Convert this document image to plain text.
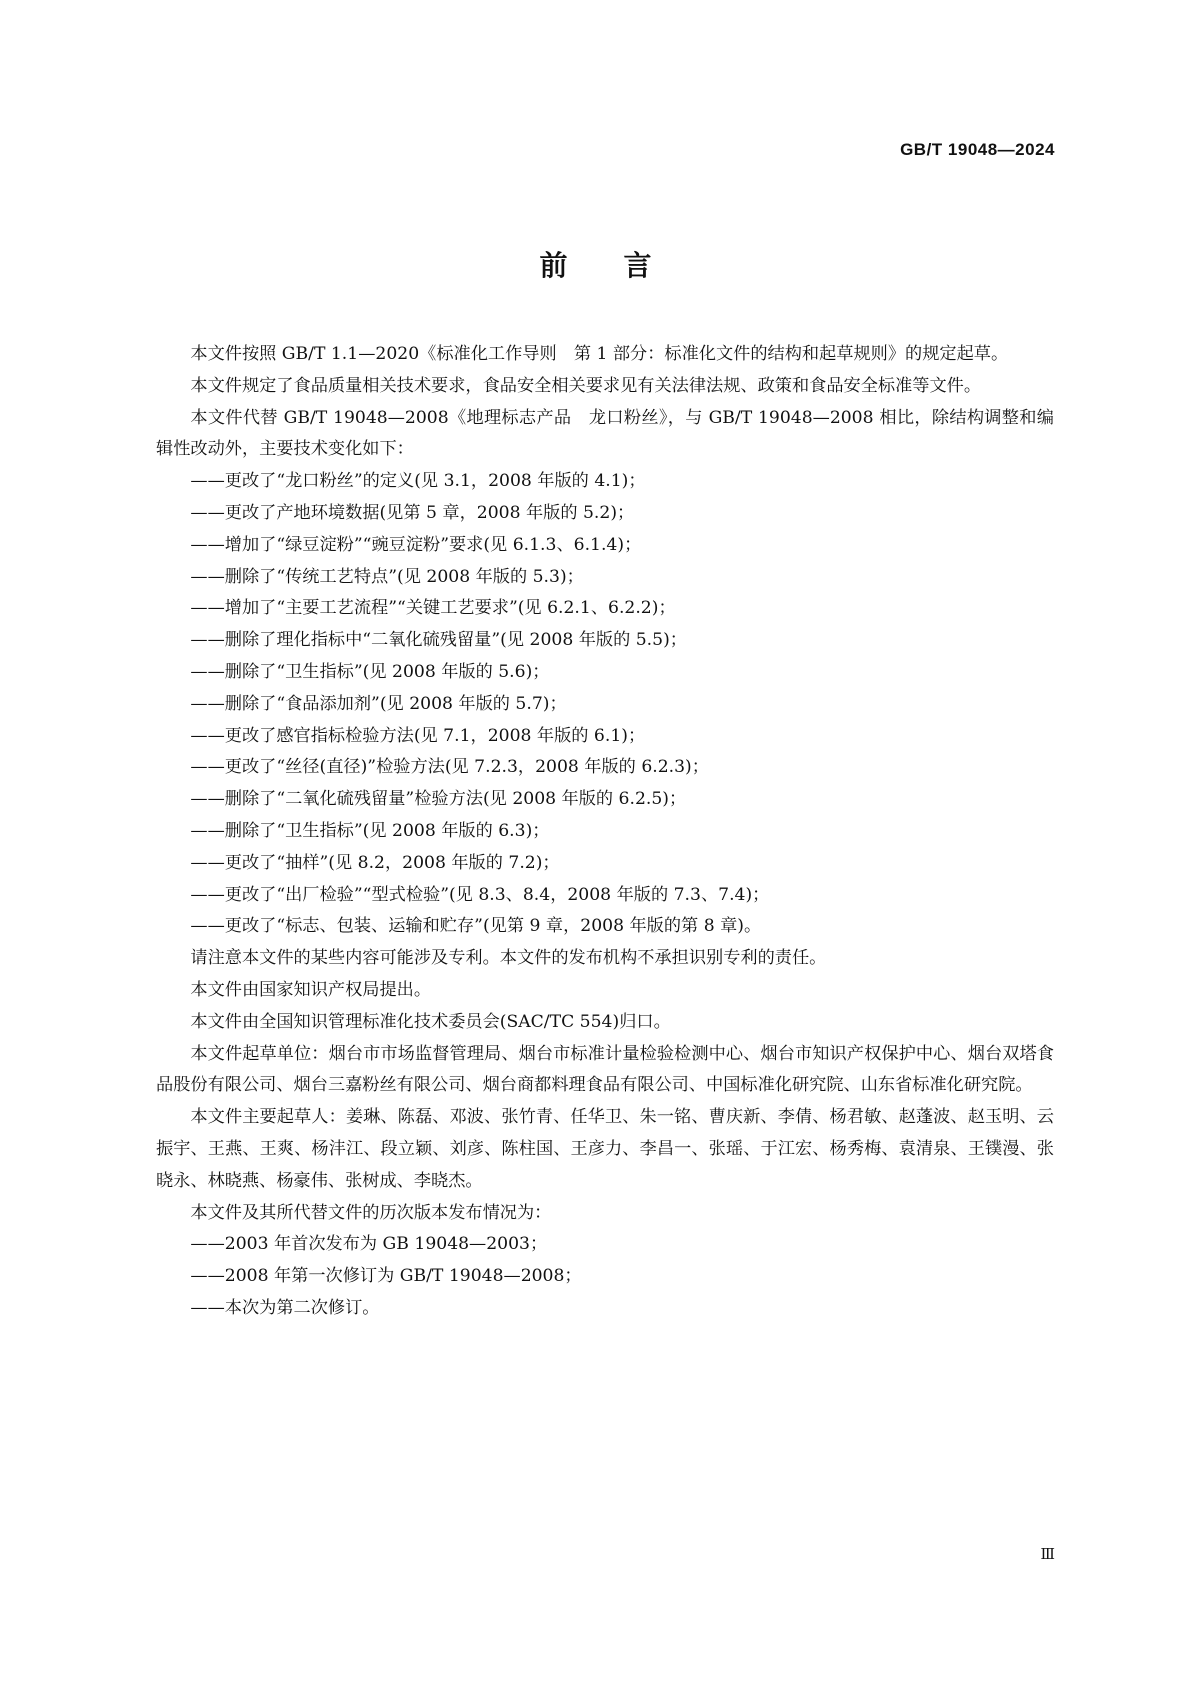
GB/T 19048—2024
前 言

本文件按照 GB/T 1.1—2020《标准化工作导则　第 1 部分：标准化文件的结构和起草规则》的规定起草。

本文件规定了食品质量相关技术要求，食品安全相关要求见有关法律法规、政策和食品安全标准等文件。

本文件代替 GB/T 19048—2008《地理标志产品　龙口粉丝》，与 GB/T 19048—2008 相比，除结构调整和编辑性改动外，主要技术变化如下：

——更改了“龙口粉丝”的定义(见 3.1，2008 年版的 4.1)；
——更改了产地环境数据(见第 5 章，2008 年版的 5.2)；
——增加了“绿豆淀粉”“豌豆淀粉”要求(见 6.1.3、6.1.4)；
——删除了“传统工艺特点”(见 2008 年版的 5.3)；
——增加了“主要工艺流程”“关键工艺要求”(见 6.2.1、6.2.2)；
——删除了理化指标中“二氧化硫残留量”(见 2008 年版的 5.5)；
——删除了“卫生指标”(见 2008 年版的 5.6)；
——删除了“食品添加剂”(见 2008 年版的 5.7)；
——更改了感官指标检验方法(见 7.1，2008 年版的 6.1)；
——更改了“丝径(直径)”检验方法(见 7.2.3，2008 年版的 6.2.3)；
——删除了“二氧化硫残留量”检验方法(见 2008 年版的 6.2.5)；
——删除了“卫生指标”(见 2008 年版的 6.3)；
——更改了“抽样”(见 8.2，2008 年版的 7.2)；
——更改了“出厂检验”“型式检验”(见 8.3、8.4，2008 年版的 7.3、7.4)；
——更改了“标志、包装、运输和贮存”(见第 9 章，2008 年版的第 8 章)。

请注意本文件的某些内容可能涉及专利。本文件的发布机构不承担识别专利的责任。

本文件由国家知识产权局提出。

本文件由全国知识管理标准化技术委员会(SAC/TC 554)归口。

本文件起草单位：烟台市市场监督管理局、烟台市标准计量检验检测中心、烟台市知识产权保护中心、烟台双塔食品股份有限公司、烟台三嘉粉丝有限公司、烟台商都料理食品有限公司、中国标准化研究院、山东省标准化研究院。

本文件主要起草人：姜琳、陈磊、邓波、张竹青、任华卫、朱一铭、曹庆新、李倩、杨君敏、赵蓬波、赵玉明、云振宇、王燕、王爽、杨沣江、段立颖、刘彦、陈柱国、王彦力、李昌一、张瑶、于江宏、杨秀梅、袁清泉、王镤漫、张晓永、林晓燕、杨豪伟、张树成、李晓杰。

本文件及其所代替文件的历次版本发布情况为：

——2003 年首次发布为 GB 19048—2003；
——2008 年第一次修订为 GB/T 19048—2008；
——本次为第二次修订。
Ⅲ
